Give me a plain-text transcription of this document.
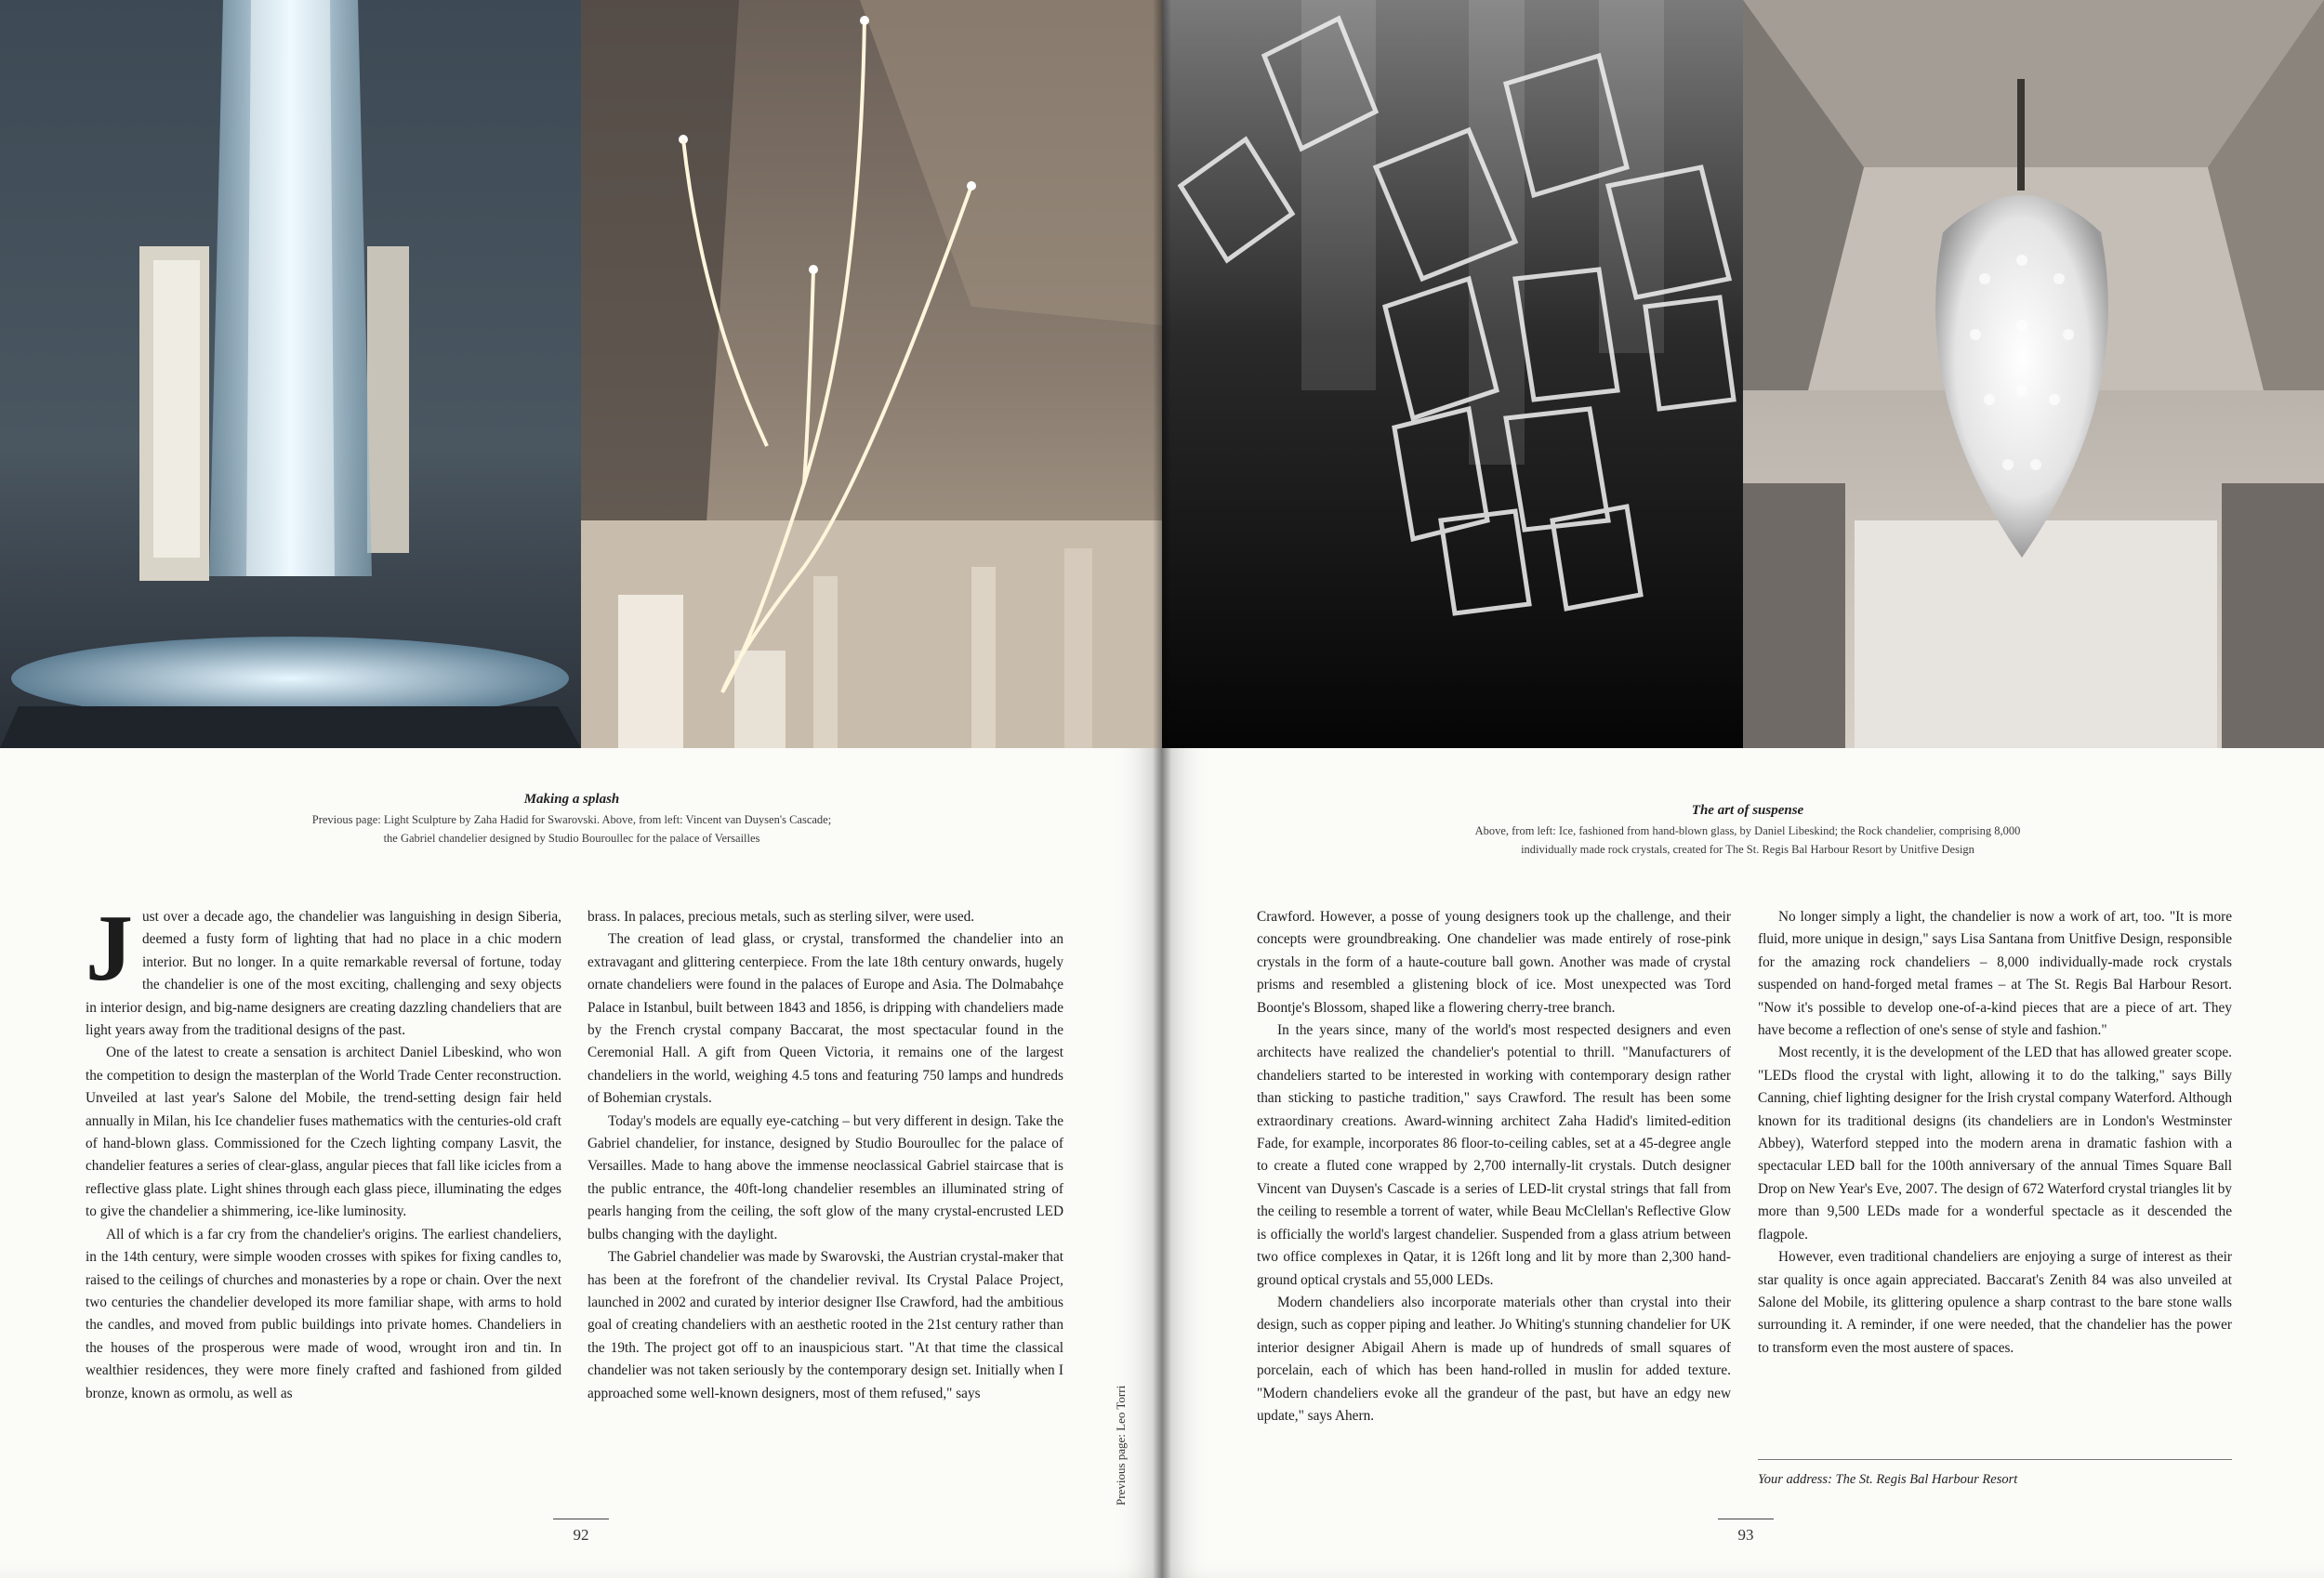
Making a splash
Previous page: Light Sculpture by Zaha Hadid for Swarovski. Above, from left: Vincent van Duysen's Cascade;
the Gabriel chandelier designed by Studio Bouroullec for the palace of Versailles
J ust over a decade ago, the chandelier was languishing in design Siberia, deemed a fusty form of lighting that had no place in a chic modern interior. But no longer. In a quite remarkable reversal of fortune, today the chandelier is one of the most exciting, challenging and sexy objects in interior design, and big-name designers are creating dazzling chandeliers that are light years away from the traditional designs of the past.

One of the latest to create a sensation is architect Daniel Libeskind, who won the competition to design the masterplan of the World Trade Center reconstruction. Unveiled at last year's Salone del Mobile, the trend-setting design fair held annually in Milan, his Ice chandelier fuses mathematics with the centuries-old craft of hand-blown glass. Commissioned for the Czech lighting company Lasvit, the chandelier features a series of clear-glass, angular pieces that fall like icicles from a reflective glass plate. Light shines through each glass piece, illuminating the edges to give the chandelier a shimmering, ice-like luminosity.

All of which is a far cry from the chandelier's origins. The earliest chandeliers, in the 14th century, were simple wooden crosses with spikes for fixing candles to, raised to the ceilings of churches and monasteries by a rope or chain. Over the next two centuries the chandelier developed its more familiar shape, with arms to hold the candles, and moved from public buildings into private homes. Chandeliers in the houses of the prosperous were made of wood, wrought iron and tin. In wealthier residences, they were more finely crafted and fashioned from gilded bronze, known as ormolu, as well as

brass. In palaces, precious metals, such as sterling silver, were used.

The creation of lead glass, or crystal, transformed the chandelier into an extravagant and glittering centerpiece. From the late 18th century onwards, hugely ornate chandeliers were found in the palaces of Europe and Asia. The Dolmabahçe Palace in Istanbul, built between 1843 and 1856, is dripping with chandeliers made by the French crystal company Baccarat, the most spectacular found in the Ceremonial Hall. A gift from Queen Victoria, it remains one of the largest chandeliers in the world, weighing 4.5 tons and featuring 750 lamps and hundreds of Bohemian crystals.

Today's models are equally eye-catching – but very different in design. Take the Gabriel chandelier, for instance, designed by Studio Bouroullec for the palace of Versailles. Made to hang above the immense neoclassical Gabriel staircase that is the public entrance, the 40ft-long chandelier resembles an illuminated string of pearls hanging from the ceiling, the soft glow of the many crystal-encrusted LED bulbs changing with the daylight.

The Gabriel chandelier was made by Swarovski, the Austrian crystal-maker that has been at the forefront of the chandelier revival. Its Crystal Palace Project, launched in 2002 and curated by interior designer Ilse Crawford, had the ambitious goal of creating chandeliers with an aesthetic rooted in the 21st century rather than the 19th. The project got off to an inauspicious start. "At that time the classical chandelier was not taken seriously by the contemporary design set. Initially when I approached some well-known designers, most of them refused," says	Previous page: Leo Torri
92
The art of suspense
Above, from left: Ice, fashioned from hand-blown glass, by Daniel Libeskind; the Rock chandelier, comprising 8,000
individually made rock crystals, created for The St. Regis Bal Harbour Resort by Unitfive Design

Crawford. However, a posse of young designers took up the challenge, and their concepts were groundbreaking. One chandelier was made entirely of rose-pink crystals in the form of a haute-couture ball gown. Another was made of crystal prisms and resembled a glistening block of ice. Most unexpected was Tord Boontje's Blossom, shaped like a flowering cherry-tree branch.

In the years since, many of the world's most respected designers and even architects have realized the chandelier's potential to thrill. "Manufacturers of chandeliers started to be interested in working with contemporary design rather than sticking to pastiche tradition," says Crawford. The result has been some extraordinary creations. Award-winning architect Zaha Hadid's limited-edition Fade, for example, incorporates 86 floor-to-ceiling cables, set at a 45-degree angle to create a fluted cone wrapped by 2,700 internally-lit crystals. Dutch designer Vincent van Duysen's Cascade is a series of LED-lit crystal strings that fall from the ceiling to resemble a torrent of water, while Beau McClellan's Reflective Glow is officially the world's largest chandelier. Suspended from a glass atrium between two office complexes in Qatar, it is 126ft long and lit by more than 2,300 hand-ground optical crystals and 55,000 LEDs.

Modern chandeliers also incorporate materials other than crystal into their design, such as copper piping and leather. Jo Whiting's stunning chandelier for UK interior designer Abigail Ahern is made up of hundreds of small squares of porcelain, each of which has been hand-rolled in muslin for added texture. "Modern chandeliers evoke all the grandeur of the past, but have an edgy new update," says Ahern.

No longer simply a light, the chandelier is now a work of art, too. "It is more fluid, more unique in design," says Lisa Santana from Unitfive Design, responsible for the amazing rock chandeliers – 8,000 individually-made rock crystals suspended on hand-forged metal frames – at The St. Regis Bal Harbour Resort. "Now it's possible to develop one-of-a-kind pieces that are a piece of art. They have become a reflection of one's sense of style and fashion."

Most recently, it is the development of the LED that has allowed greater scope. "LEDs flood the crystal with light, allowing it to do the talking," says Billy Canning, chief lighting designer for the Irish crystal company Waterford. Although known for its traditional designs (its chandeliers are in London's Westminster Abbey), Waterford stepped into the modern arena in dramatic fashion with a spectacular LED ball for the 100th anniversary of the annual Times Square Ball Drop on New Year's Eve, 2007. The design of 672 Waterford crystal triangles lit by more than 9,500 LEDs made for a wonderful spectacle as it descended the flagpole.

However, even traditional chandeliers are enjoying a surge of interest as their star quality is once again appreciated. Baccarat's Zenith 84 was also unveiled at Salone del Mobile, its glittering opulence a sharp contrast to the bare stone walls surrounding it. A reminder, if one were needed, that the chandelier has the power to transform even the most austere of spaces.

Your address: The St. Regis Bal Harbour Resort
93
